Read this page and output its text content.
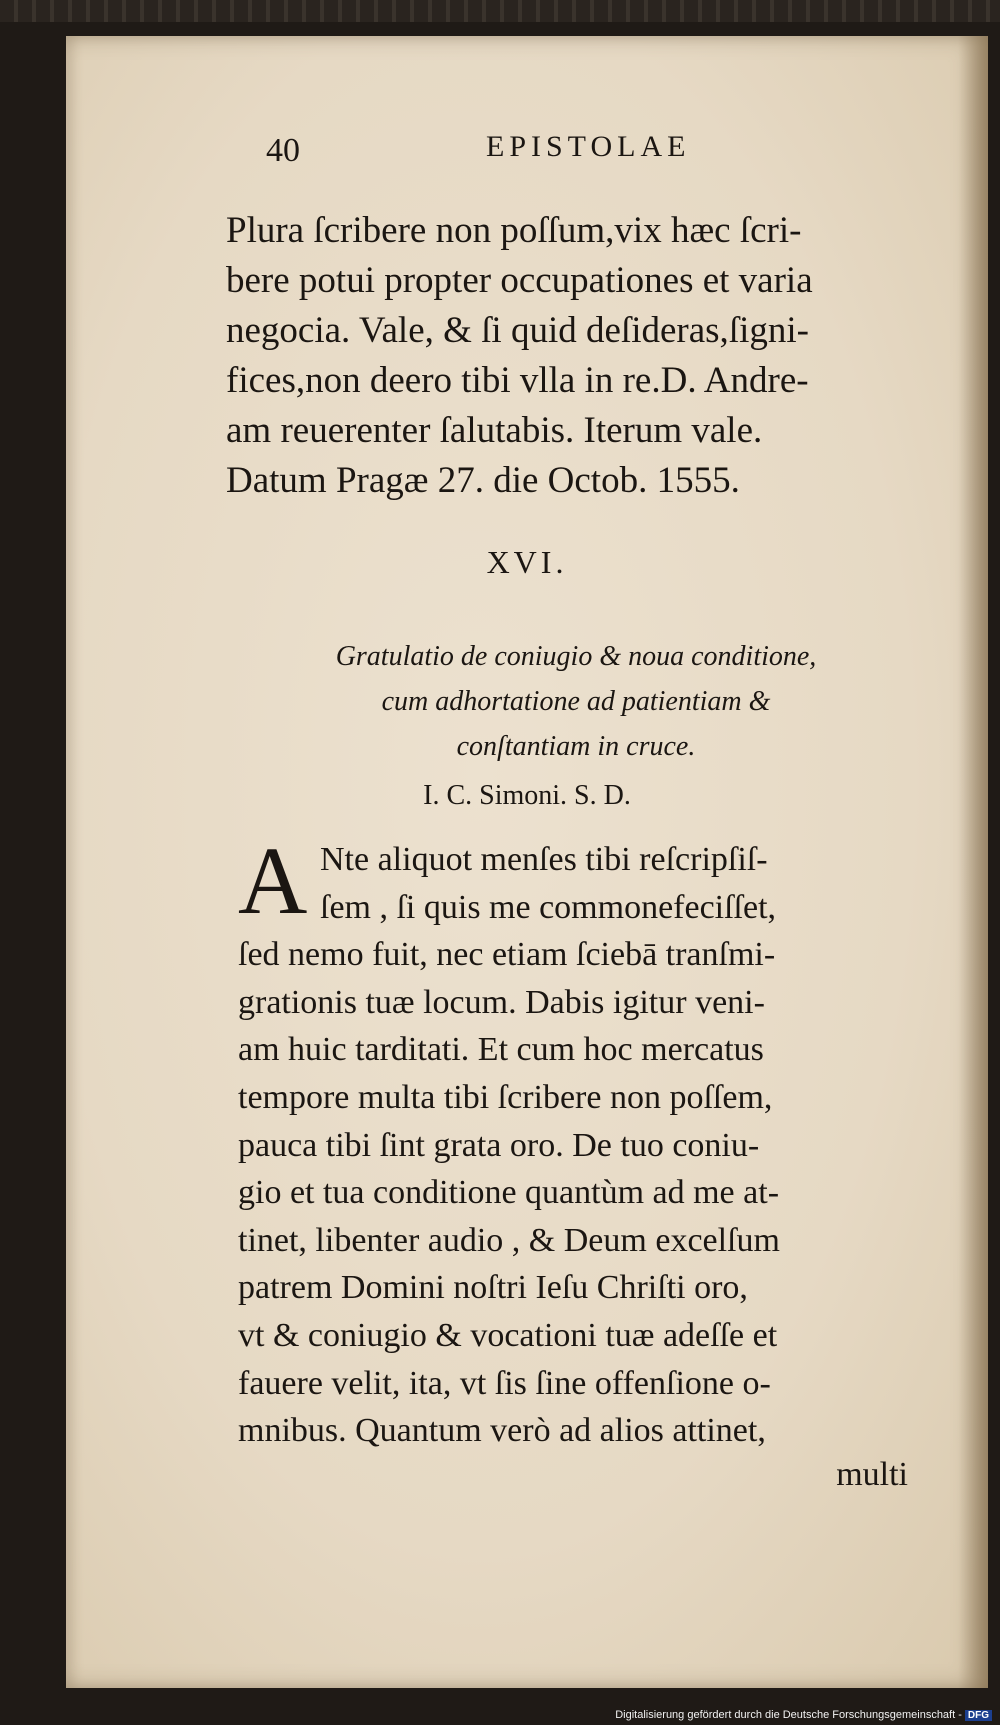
40	EPISTOLAE
Plura ſcribere non poſſum,vix hæc ſcri-
bere potui propter occupationes et varia
negocia. Vale, & ſi quid deſideras,ſigni-
fices,non deero tibi vlla in re.D. Andre-
am reuerenter ſalutabis. Iterum vale.
Datum Pragæ 27. die Octob. 1555.
XVI.
Gratulatio de coniugio & noua conditione,
cum adhortatione ad patientiam &
conſtantiam in cruce.
I. C. Simoni. S. D.
A Nte aliquot menſes tibi reſcripſiſ-
ſem , ſi quis me commonefeciſſet,
ſed nemo fuit, nec etiam ſciebā tranſmi-
grationis tuæ locum. Dabis igitur veni-
am huic tarditati. Et cum hoc mercatus
tempore multa tibi ſcribere non poſſem,
pauca tibi ſint grata oro. De tuo coniu-
gio et tua conditione quantùm ad me at-
tinet, libenter audio , & Deum excelſum
patrem Domini noſtri Ieſu Chriſti oro,
vt & coniugio & vocationi tuæ adeſſe et
fauere velit, ita, vt ſis ſine offenſione o-
mnibus. Quantum verò ad alios attinet,
multi
Digitalisierung gefördert durch die Deutsche Forschungsgemeinschaft - DFG
